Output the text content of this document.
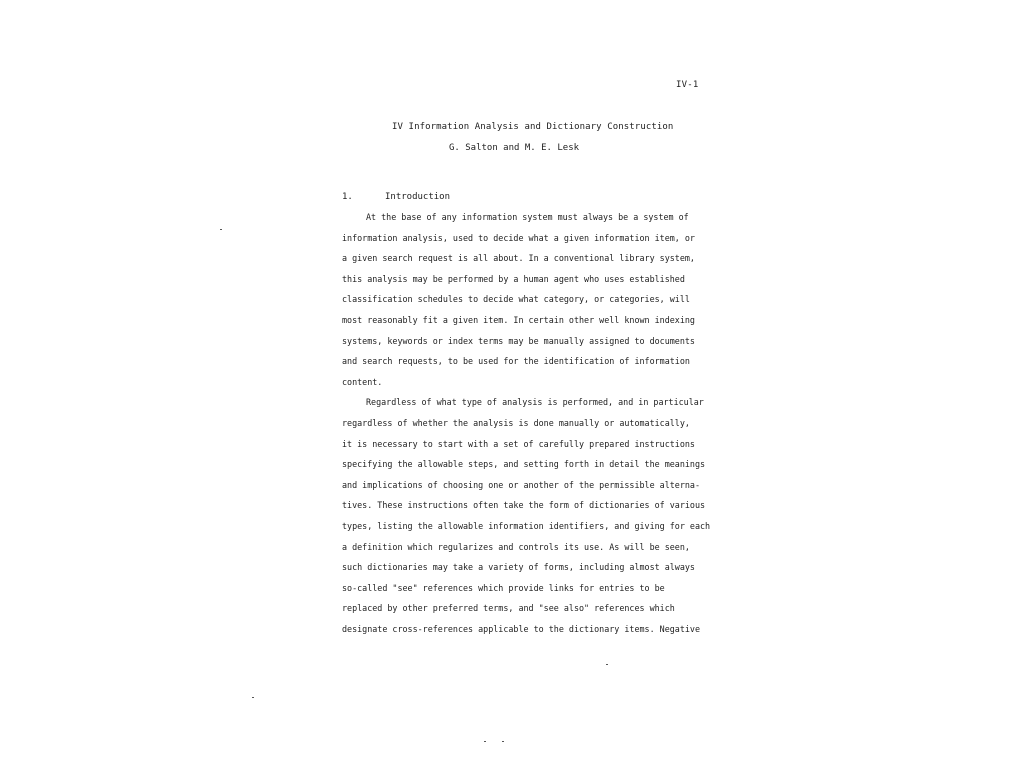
IV-1
IV Information Analysis and Dictionary Construction
G. Salton and M. E. Lesk
1.	Introduction
At the base of any information system must always be a system of
information analysis, used to decide what a given information item, or
a given search request is all about. In a conventional library system,
this analysis may be performed by a human agent who uses established
classification schedules to decide what category, or categories, will
most reasonably fit a given item. In certain other well known indexing
systems, keywords or index terms may be manually assigned to documents
and search requests, to be used for the identification of information
content.
Regardless of what type of analysis is performed, and in particular
regardless of whether the analysis is done manually or automatically,
it is necessary to start with a set of carefully prepared instructions
specifying the allowable steps, and setting forth in detail the meanings
and implications of choosing one or another of the permissible alterna-
tives. These instructions often take the form of dictionaries of various
types, listing the allowable information identifiers, and giving for each
a definition which regularizes and controls its use. As will be seen,
such dictionaries may take a variety of forms, including almost always
so-called "see" references which provide links for entries to be
replaced by other preferred terms, and "see also" references which
designate cross-references applicable to the dictionary items. Negative
